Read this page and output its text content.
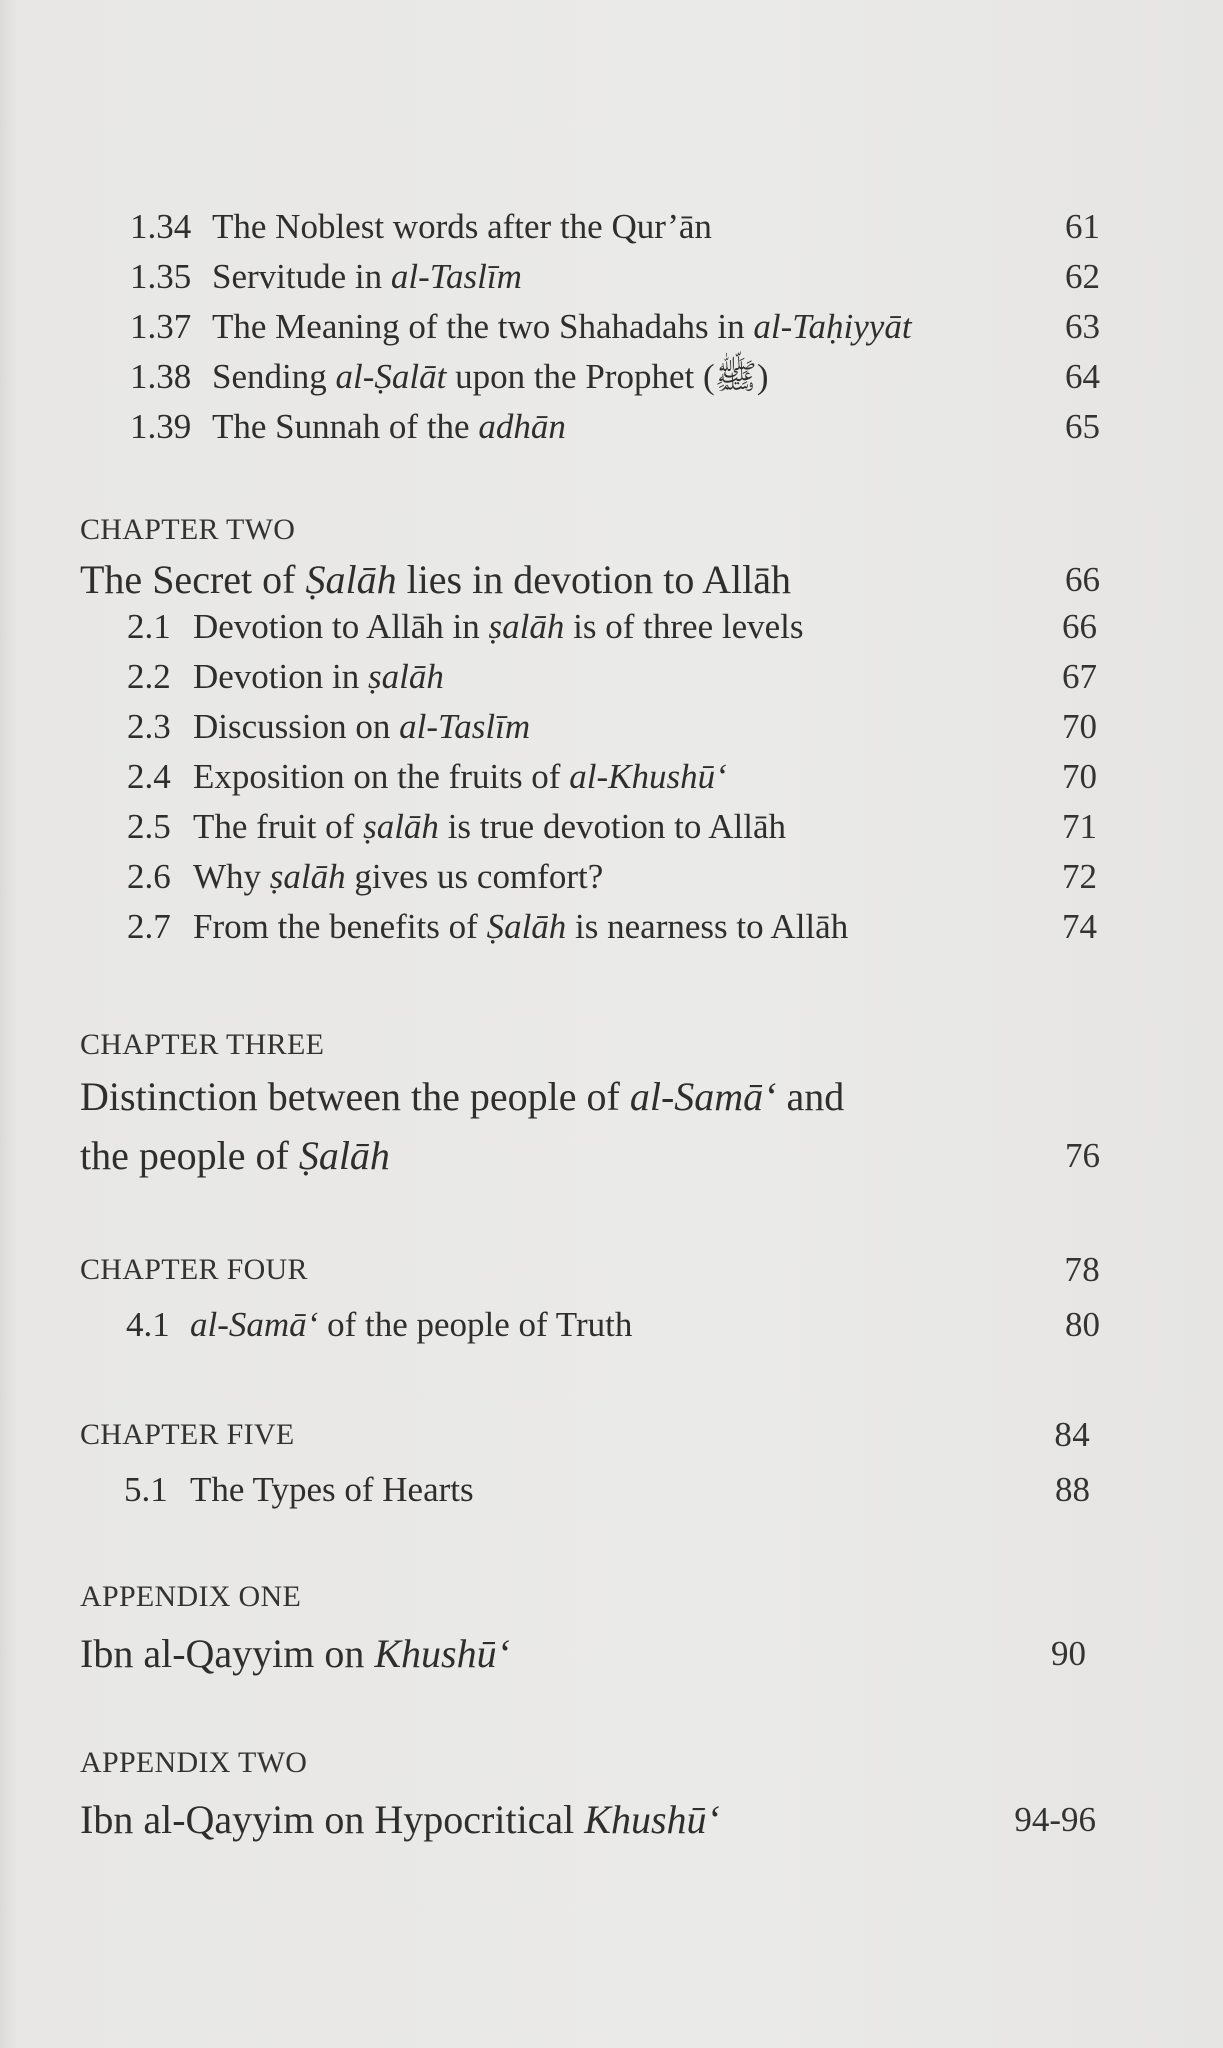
1.34 The Noblest words after the Qur’ān	61
1.35 Servitude in al-Taslīm	62
1.37 The Meaning of the two Shahadahs in al-Taḥiyyāt	63
1.38 Sending al-Ṣalāt upon the Prophet (ﷺ)	64
1.39 The Sunnah of the adhān	65
CHAPTER TWO
The Secret of Ṣalāh lies in devotion to Allāh	66
2.1 Devotion to Allāh in ṣalāh is of three levels	66
2.2 Devotion in ṣalāh	67
2.3 Discussion on al-Taslīm	70
2.4 Exposition on the fruits of al-Khushū‘	70
2.5 The fruit of ṣalāh is true devotion to Allāh	71
2.6 Why ṣalāh gives us comfort?	72
2.7 From the benefits of Ṣalāh is nearness to Allāh	74
CHAPTER THREE
Distinction between the people of al-Samā‘ and
the people of Ṣalāh	76
CHAPTER FOUR	78
4.1 al-Samā‘ of the people of Truth	80
CHAPTER FIVE	84
5.1 The Types of Hearts	88
APPENDIX ONE
Ibn al-Qayyim on Khushū‘	90
APPENDIX TWO
Ibn al-Qayyim on Hypocritical Khushū‘	94-96
